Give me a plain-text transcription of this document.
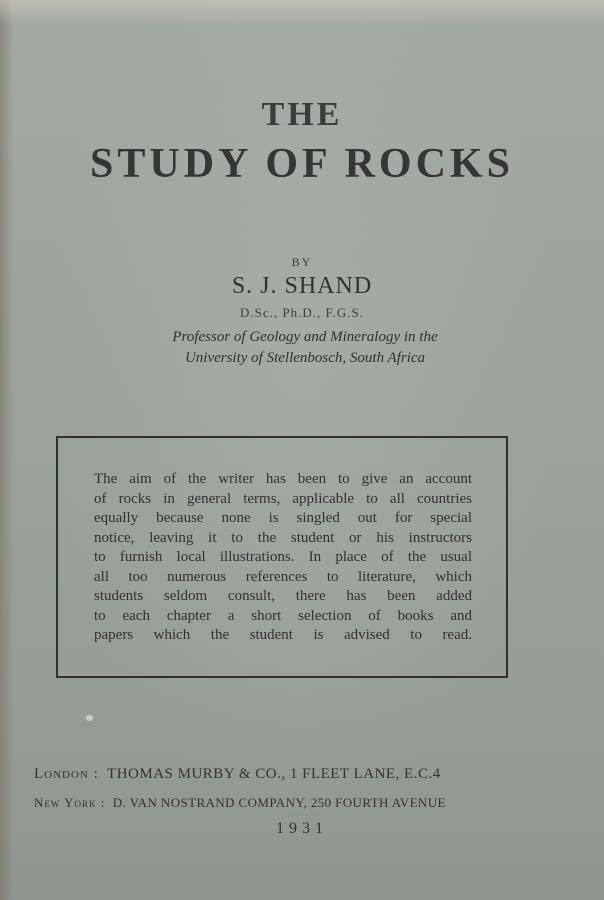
THE
STUDY OF ROCKS
BY
S. J. SHAND
D.Sc., Ph.D., F.G.S.
Professor of Geology and Mineralogy in the
University of Stellenbosch, South Africa
The aim of the writer has been to give an account
of rocks in general terms, applicable to all countries
equally because none is singled out for special
notice, leaving it to the student or his instructors
to furnish local illustrations. In place of the usual
all too numerous references to literature, which
students seldom consult, there has been added
to each chapter a short selection of books and
papers which the student is advised to read.
London : THOMAS MURBY & CO., 1 FLEET LANE, E.C.4
New York : D. VAN NOSTRAND COMPANY, 250 FOURTH AVENUE
1931
